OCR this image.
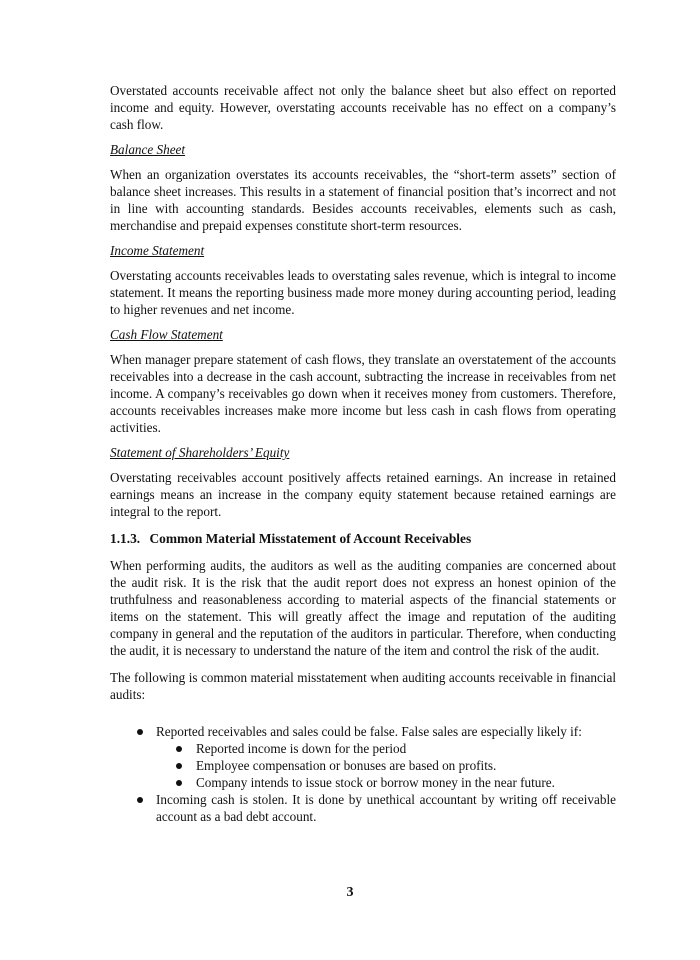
Overstated accounts receivable affect not only the balance sheet but also effect on reported income and equity. However, overstating accounts receivable has no effect on a company’s cash flow.

Balance Sheet

When an organization overstates its accounts receivables, the “short-term assets” section of balance sheet increases. This results in a statement of financial position that’s incorrect and not in line with accounting standards. Besides accounts receivables, elements such as cash, merchandise and prepaid expenses constitute short-term resources.

Income Statement

Overstating accounts receivables leads to overstating sales revenue, which is integral to income statement. It means the reporting business made more money during accounting period, leading to higher revenues and net income.

Cash Flow Statement

When manager prepare statement of cash flows, they translate an overstatement of the accounts receivables into a decrease in the cash account, subtracting the increase in receivables from net income. A company’s receivables go down when it receives money from customers. Therefore, accounts receivables increases make more income but less cash in cash flows from operating activities.

Statement of Shareholders’ Equity

Overstating receivables account positively affects retained earnings. An increase in retained earnings means an increase in the company equity statement because retained earnings are integral to the report.

1.1.3. Common Material Misstatement of Account Receivables

When performing audits, the auditors as well as the auditing companies are concerned about the audit risk. It is the risk that the audit report does not express an honest opinion of the truthfulness and reasonableness according to material aspects of the financial statements or items on the statement. This will greatly affect the image and reputation of the auditing company in general and the reputation of the auditors in particular. Therefore, when conducting the audit, it is necessary to understand the nature of the item and control the risk of the audit.

The following is common material misstatement when auditing accounts receivable in financial audits:

Reported receivables and sales could be false. False sales are especially likely if:
Reported income is down for the period
Employee compensation or bonuses are based on profits.
Company intends to issue stock or borrow money in the near future.
Incoming cash is stolen. It is done by unethical accountant by writing off receivable account as a bad debt account.
3
